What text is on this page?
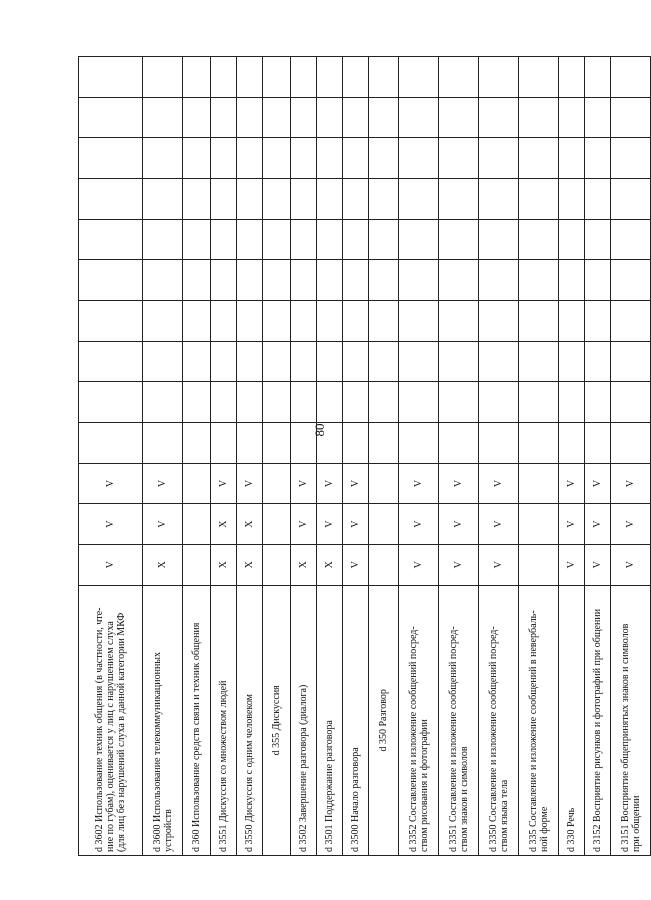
80
d 3602 Использование техник общения (в частности, чте-
ние по губам), оценивается у лиц с нарушением слуха
(для лиц без нарушений слуха в данной категории МКФ	V	V	V										
d 3600 Использование телекоммуникационных
устройств	X	V	V										
d 360 Использование средств связи и техник общения													
d 3551 Дискуссия со множеством людей	X	X	V										
d 3550 Дискуссия с одним человеком	X	X	V										
d 355 Дискуссия													
d 3502 Завершение разговора (диалога)	X	V	V										
d 3501 Поддержание разговора	X	V	V										
d 3500 Начало разговора	V	V	V										
d 350 Разговор													
d 3352 Составление и изложение сообщений посред-
ством рисования и фотографии	V	V	V										
d 3351 Составление и изложение сообщений посред-
ством знаков и символов	V	V	V										
d 3350 Составление и изложение сообщений посред-
ством языка тела	V	V	V										
d 335 Составление и изложение сообщений в невербаль-
ной форме													
d 330 Речь	V	V	V										
d 3152 Восприятие рисунков и фотографий при общении	V	V	V										
d 3151 Восприятие общепринятых знаков и символов
при общении	V	V	V										
